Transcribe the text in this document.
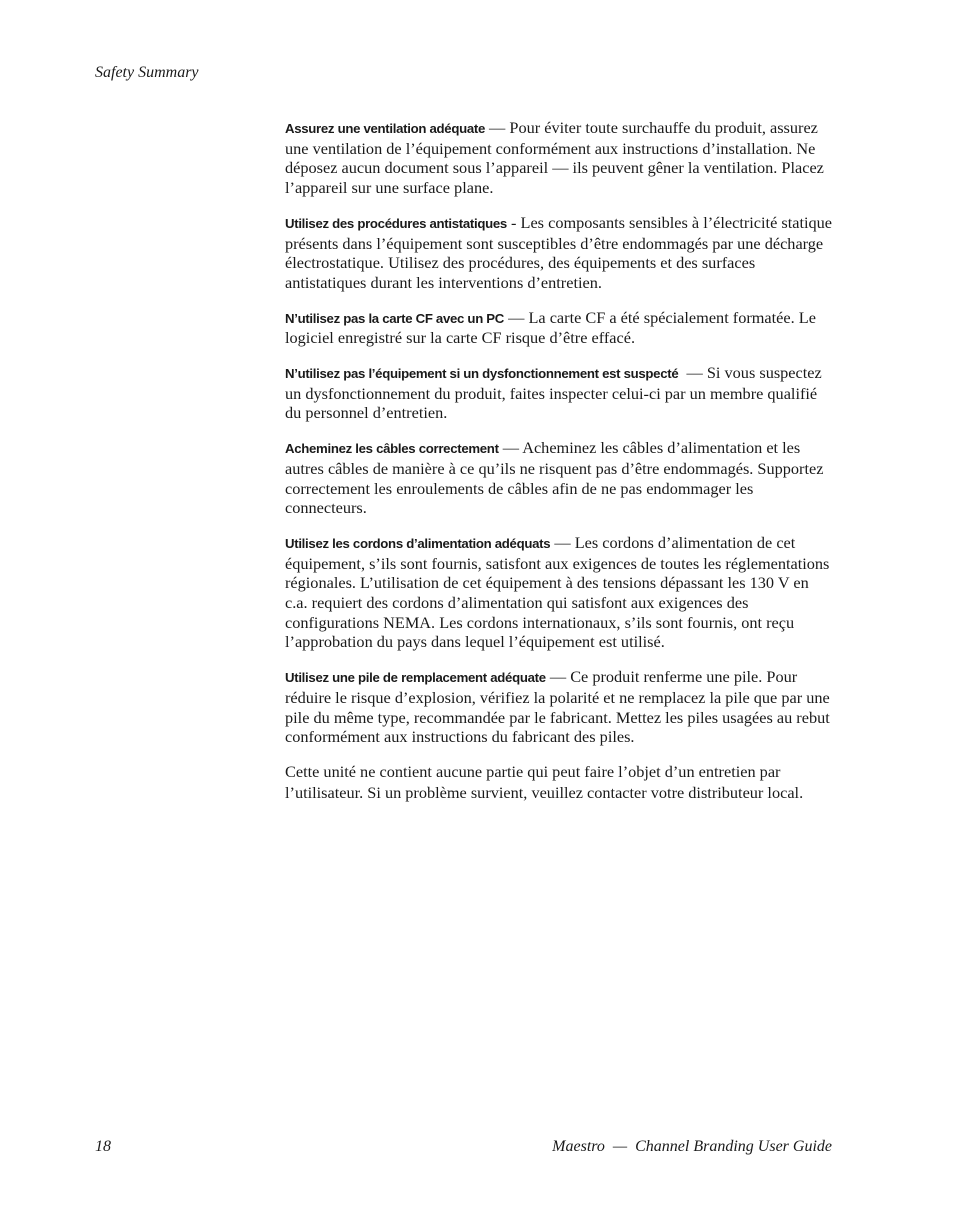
Safety Summary

Assurez une ventilation adéquate — Pour éviter toute surchauffe du produit, assurez une ventilation de l’équipement conformément aux instructions d’installation. Ne déposez aucun document sous l’appareil — ils peuvent gêner la ventilation. Placez l’appareil sur une surface plane.

Utilisez des procédures antistatiques - Les composants sensibles à l’électricité statique présents dans l’équipement sont susceptibles d’être endommagés par une décharge électrostatique. Utilisez des procédures, des équipements et des surfaces antistatiques durant les interventions d’entretien.

N’utilisez pas la carte CF avec un PC — La carte CF a été spécialement formatée. Le logiciel enregistré sur la carte CF risque d’être effacé.

N’utilisez pas l’équipement si un dysfonctionnement est suspecté  — Si vous suspectez un dysfonctionnement du produit, faites inspecter celui-ci par un membre qualifié du personnel d’entretien.

Acheminez les câbles correctement — Acheminez les câbles d’alimentation et les autres câbles de manière à ce qu’ils ne risquent pas d’être endommagés. Supportez correctement les enroulements de câbles afin de ne pas endommager les connecteurs.

Utilisez les cordons d’alimentation adéquats — Les cordons d’alimentation de cet équipement, s’ils sont fournis, satisfont aux exigences de toutes les réglementations régionales. L’utilisation de cet équipement à des tensions dépassant les 130 V en c.a. requiert des cordons d’alimentation qui satisfont aux exigences des configurations NEMA. Les cordons internationaux, s’ils sont fournis, ont reçu l’approbation du pays dans lequel l’équipement est utilisé.

Utilisez une pile de remplacement adéquate — Ce produit renferme une pile. Pour réduire le risque d’explosion, vérifiez la polarité et ne remplacez la pile que par une pile du même type, recommandée par le fabricant. Mettez les piles usagées au rebut conformément aux instructions du fabricant des piles.

Cette unité ne contient aucune partie qui peut faire l’objet d’un entretien par l’utilisateur. Si un problème survient, veuillez contacter votre distributeur local.

18	Maestro  —  Channel Branding User Guide
